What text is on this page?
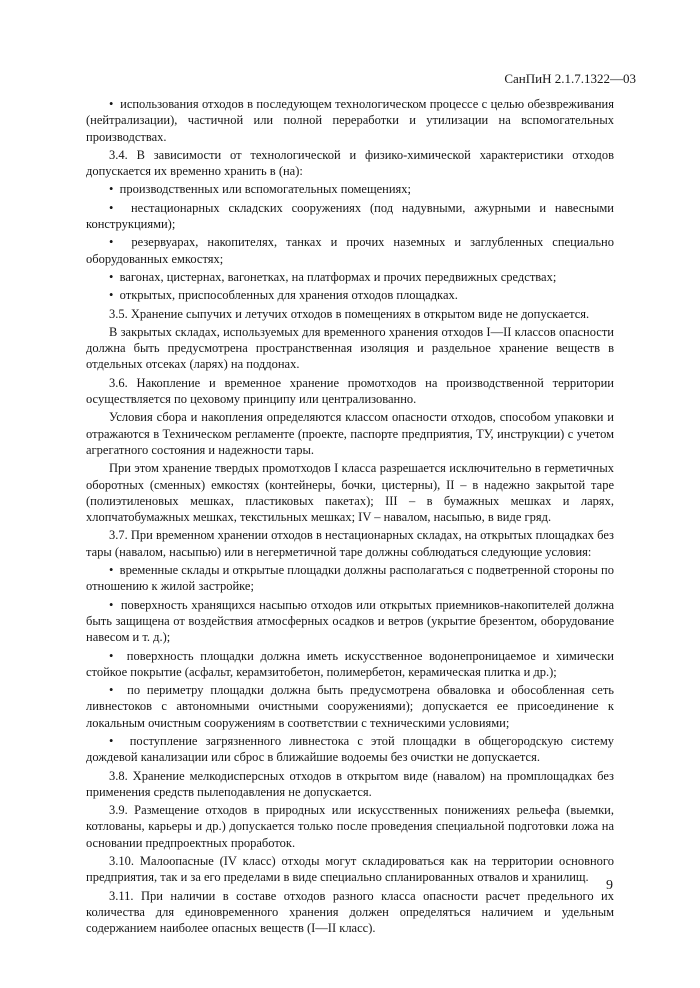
СанПиН 2.1.7.1322—03

•  использования отходов в последующем технологическом процессе с целью обезвреживания (нейтрализации), частичной или полной переработки и утилизации на вспомогательных производствах.

3.4. В зависимости от технологической и физико-химической характеристики отходов допускается их временно хранить в (на):

•  производственных или вспомогательных помещениях;

•  нестационарных складских сооружениях (под надувными, ажурными и навесными конструкциями);

•  резервуарах, накопителях, танках и прочих наземных и заглубленных специально оборудованных емкостях;

•  вагонах, цистернах, вагонетках, на платформах и прочих передвижных средствах;

•  открытых, приспособленных для хранения отходов площадках.

3.5. Хранение сыпучих и летучих отходов в помещениях в открытом виде не допускается.

В закрытых складах, используемых для временного хранения отходов I—II классов опасности должна быть предусмотрена пространственная изоляция и раздельное хранение веществ в отдельных отсеках (ларях) на поддонах.

3.6. Накопление и временное хранение промотходов на производственной территории осуществляется по цеховому принципу или централизованно.

Условия сбора и накопления определяются классом опасности отходов, способом упаковки и отражаются в Техническом регламенте (проекте, паспорте предприятия, ТУ, инструкции) с учетом агрегатного состояния и надежности тары.

При этом хранение твердых промотходов I класса разрешается исключительно в герметичных оборотных (сменных) емкостях (контейнеры, бочки, цистерны), II – в надежно закрытой таре (полиэтиленовых мешках, пластиковых пакетах); III – в бумажных мешках и ларях, хлопчатобумажных мешках, текстильных мешках; IV – навалом, насыпью, в виде гряд.

3.7. При временном хранении отходов в нестационарных складах, на открытых площадках без тары (навалом, насыпью) или в негерметичной таре должны соблюдаться следующие условия:

•  временные склады и открытые площадки должны располагаться с подветренной стороны по отношению к жилой застройке;

•  поверхность хранящихся насыпью отходов или открытых приемников-накопителей должна быть защищена от воздействия атмосферных осадков и ветров (укрытие брезентом, оборудование навесом и т. д.);

•  поверхность площадки должна иметь искусственное водонепроницаемое и химически стойкое покрытие (асфальт, керамзитобетон, полимербетон, керамическая плитка и др.);

•  по периметру площадки должна быть предусмотрена обваловка и обособленная сеть ливнестоков с автономными очистными сооружениями); допускается ее присоединение к локальным очистным сооружениям в соответствии с техническими условиями;

•  поступление загрязненного ливнестока с этой площадки в общегородскую систему дождевой канализации или сброс в ближайшие водоемы без очистки не допускается.

3.8. Хранение мелкодисперсных отходов в открытом виде (навалом) на промплощадках без применения средств пылеподавления не допускается.

3.9. Размещение отходов в природных или искусственных понижениях рельефа (выемки, котлованы, карьеры и др.) допускается только после проведения специальной подготовки ложа на основании предпроектных проработок.

3.10. Малоопасные (IV класс) отходы могут складироваться как на территории основного предприятия, так и за его пределами в виде специально спланированных отвалов и хранилищ.

3.11. При наличии в составе отходов разного класса опасности расчет предельного их количества для единовременного хранения должен определяться наличием и удельным содержанием наиболее опасных веществ (I—II класс).

9
